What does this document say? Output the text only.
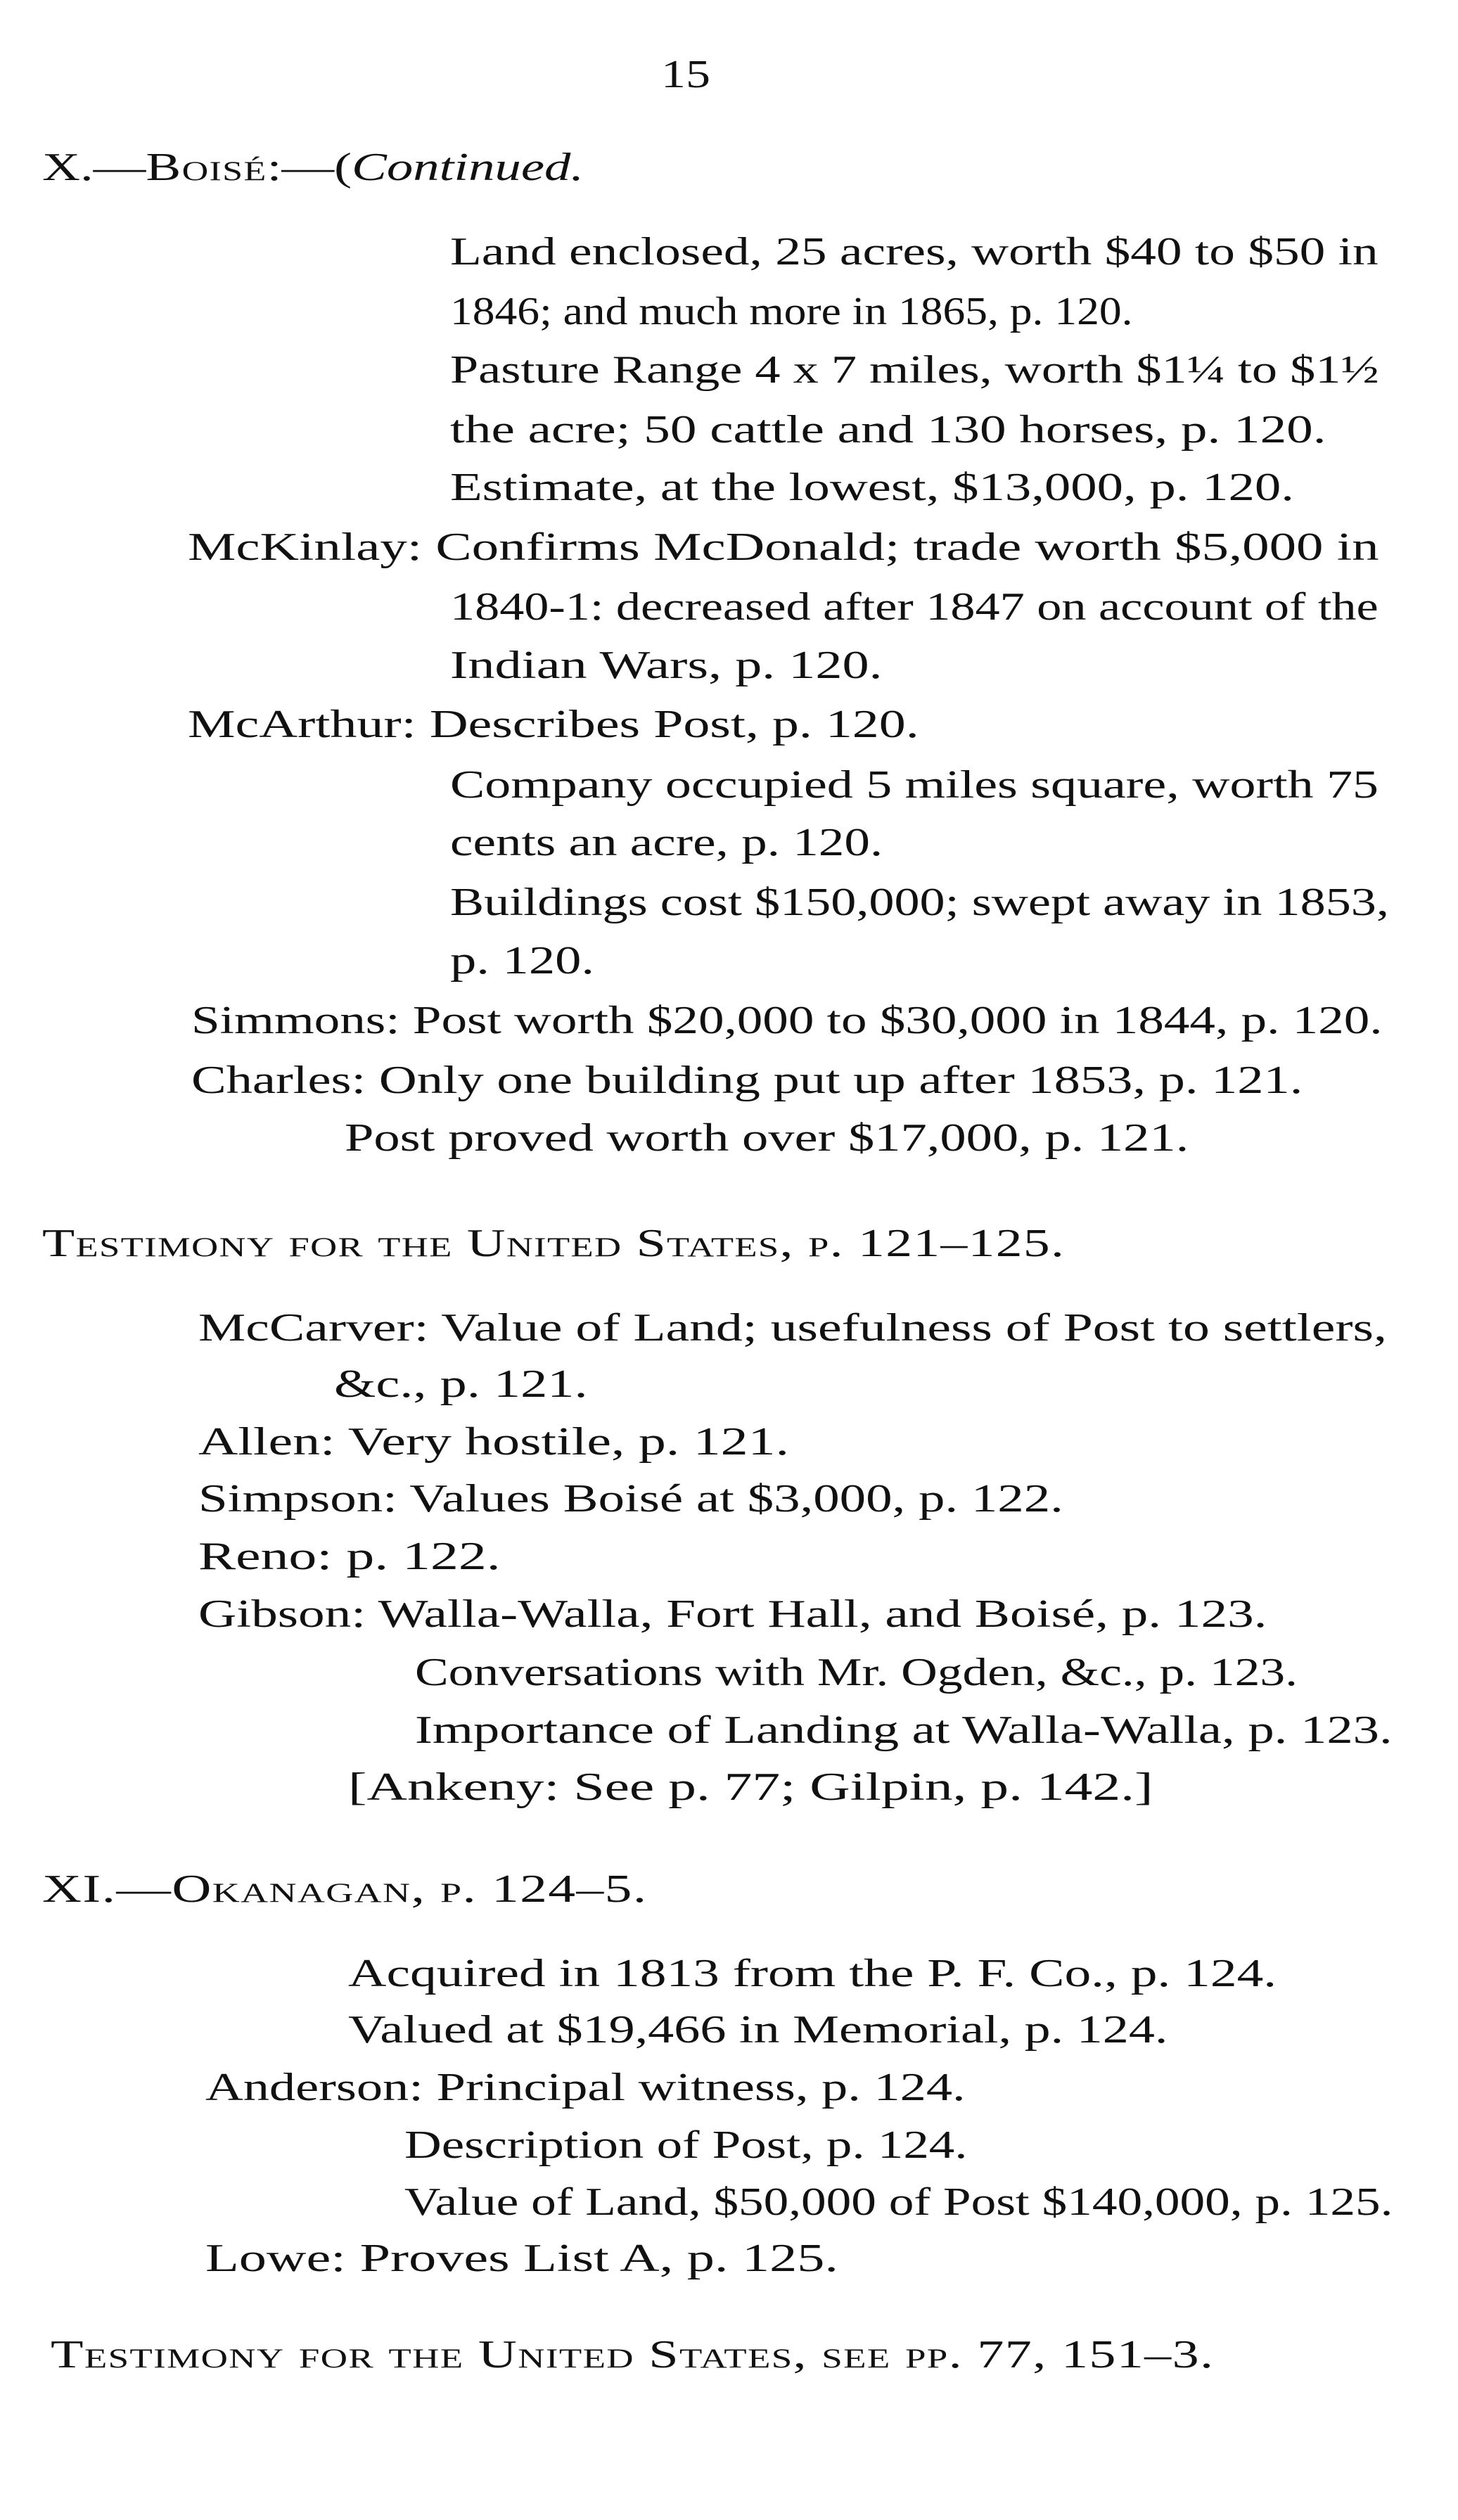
15
X.—Boisé:—(Continued.
Land enclosed, 25 acres, worth $40 to $50 in
1846; and much more in 1865, p. 120.
Pasture Range 4 x 7 miles, worth $1¼ to $1½
the acre; 50 cattle and 130 horses, p. 120.
Estimate, at the lowest, $13,000, p. 120.
McKinlay: Confirms McDonald; trade worth $5,000 in
1840-1: decreased after 1847 on account of the
Indian Wars, p. 120.
McArthur: Describes Post, p. 120.
Company occupied 5 miles square, worth 75
cents an acre, p. 120.
Buildings cost $150,000; swept away in 1853,
p. 120.
Simmons: Post worth $20,000 to $30,000 in 1844, p. 120.
Charles: Only one building put up after 1853, p. 121.
Post proved worth over $17,000, p. 121.
Testimony for the United States, p. 121–125.
McCarver: Value of Land; usefulness of Post to settlers,
&c., p. 121.
Allen: Very hostile, p. 121.
Simpson: Values Boisé at $3,000, p. 122.
Reno: p. 122.
Gibson: Walla-Walla, Fort Hall, and Boisé, p. 123.
Conversations with Mr. Ogden, &c., p. 123.
Importance of Landing at Walla-Walla, p. 123.
[Ankeny: See p. 77; Gilpin, p. 142.]
XI.—Okanagan, p. 124–5.
Acquired in 1813 from the P. F. Co., p. 124.
Valued at $19,466 in Memorial, p. 124.
Anderson: Principal witness, p. 124.
Description of Post, p. 124.
Value of Land, $50,000 of Post $140,000, p. 125.
Lowe: Proves List A, p. 125.
Testimony for the United States, see pp. 77, 151–3.
